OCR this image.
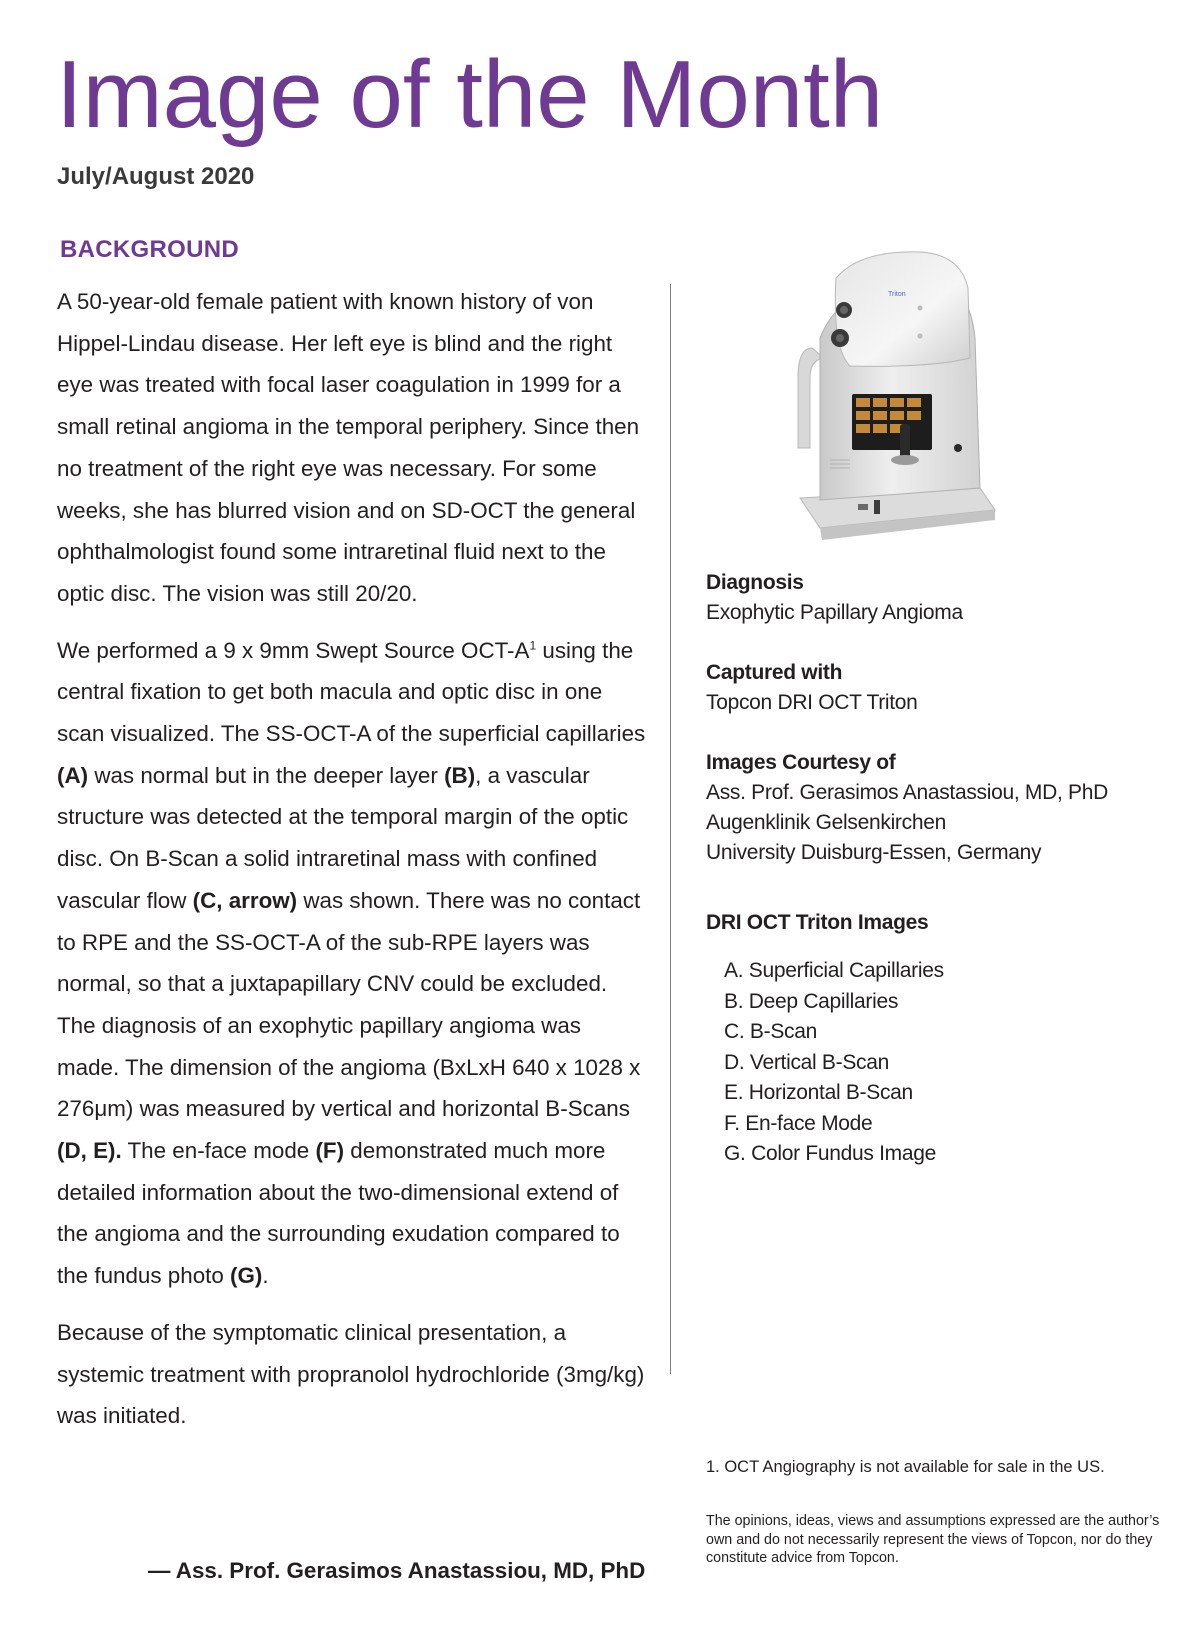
Image of the Month
July/August 2020
BACKGROUND

A 50-year-old female patient with known history of von Hippel-Lindau disease. Her left eye is blind and the right eye was treated with focal laser coagulation in 1999 for a small retinal angioma in the temporal periphery. Since then no treatment of the right eye was necessary. For some weeks, she has blurred vision and on SD-OCT the general ophthalmologist found some intraretinal fluid next to the optic disc. The vision was still 20/20.

We performed a 9 x 9mm Swept Source OCT-$A^1$ using the central fixation to get both macula and optic disc in one scan visualized. The SS-OCT-A of the superficial capillaries (A) was normal but in the deeper layer (B), a vascular structure was detected at the temporal margin of the optic disc. On B-Scan a solid intraretinal mass with confined vascular flow (C, arrow) was shown. There was no contact to RPE and the SS-OCT-A of the sub-RPE layers was normal, so that a juxtapapillary CNV could be excluded. The diagnosis of an exophytic papillary angioma was made. The dimension of the angioma (BxLxH 640 x 1028 x 276μm) was measured by vertical and horizontal B-Scans (D, E). The en-face mode (F) demonstrated much more detailed information about the two-dimensional extend of the angioma and the surrounding exudation compared to the fundus photo (G).

Because of the symptomatic clinical presentation, a systemic treatment with propranolol hydrochloride (3mg/kg) was initiated.

— Ass. Prof. Gerasimos Anastassiou, MD, PhD
Triton
Diagnosis
Exophytic Papillary Angioma
Captured with
Topcon DRI OCT Triton
Images Courtesy of
Ass. Prof. Gerasimos Anastassiou, MD, PhD
Augenklinik Gelsenkirchen
University Duisburg-Essen, Germany
DRI OCT Triton Images
A. Superficial Capillaries
B. Deep Capillaries
C. B-Scan
D. Vertical B-Scan
E. Horizontal B-Scan
F. En-face Mode
G. Color Fundus Image
1. OCT Angiography is not available for sale in the US.
The opinions, ideas, views and assumptions expressed are the author’s own and do not necessarily represent the views of Topcon, nor do they constitute advice from Topcon.
